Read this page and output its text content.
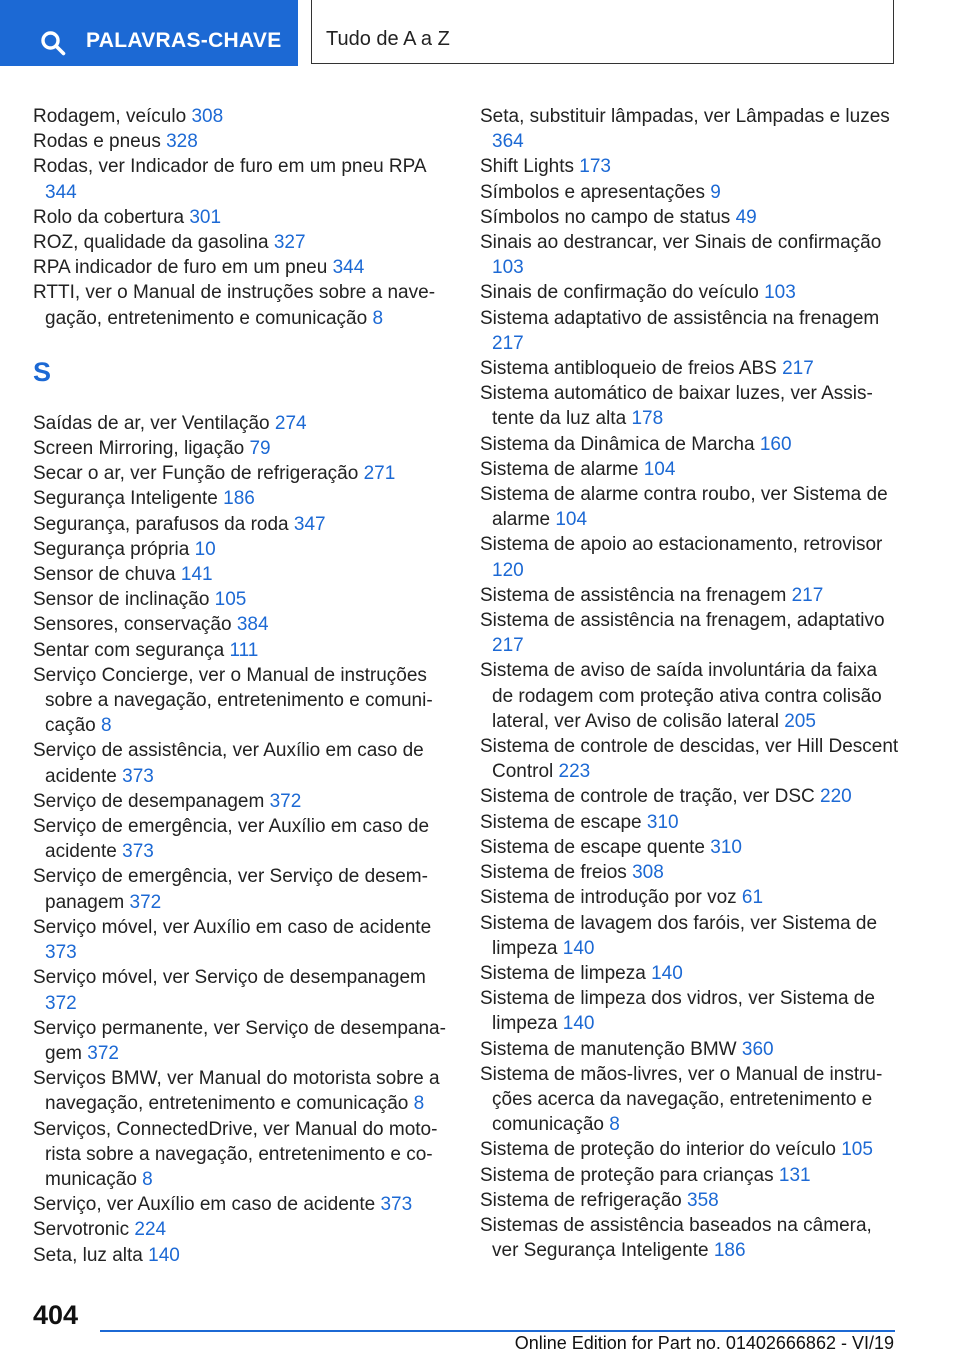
PALAVRAS-CHAVE Tudo de A a Z

Rodagem, veículo 308

Rodas e pneus 328

Rodas, ver Indicador de furo em um pneu RPA 344

Rolo da cobertura 301

ROZ, qualidade da gasolina 327

RPA indicador de furo em um pneu 344

RTTI, ver o Manual de instruções sobre a navegação, entretenimento e comunicação 8

S

Saídas de ar, ver Ventilação 274

Screen Mirroring, ligação 79

Secar o ar, ver Função de refrigeração 271

Segurança Inteligente 186

Segurança, parafusos da roda 347

Segurança própria 10

Sensor de chuva 141

Sensor de inclinação 105

Sensores, conservação 384

Sentar com segurança 111

Serviço Concierge, ver o Manual de instruções sobre a navegação, entretenimento e comunicação 8

Serviço de assistência, ver Auxílio em caso de acidente 373

Serviço de desempanagem 372

Serviço de emergência, ver Auxílio em caso de acidente 373

Serviço de emergência, ver Serviço de desempanagem 372

Serviço móvel, ver Auxílio em caso de acidente 373

Serviço móvel, ver Serviço de desempanagem 372

Serviço permanente, ver Serviço de desempanagem 372

Serviços BMW, ver Manual do motorista sobre a navegação, entretenimento e comunicação 8

Serviços, ConnectedDrive, ver Manual do motorista sobre a navegação, entretenimento e comunicação 8

Serviço, ver Auxílio em caso de acidente 373

Servotronic 224

Seta, luz alta 140

Seta, substituir lâmpadas, ver Lâmpadas e luzes 364

Shift Lights 173

Símbolos e apresentações 9

Símbolos no campo de status 49

Sinais ao destrancar, ver Sinais de confirmação 103

Sinais de confirmação do veículo 103

Sistema adaptativo de assistência na frenagem 217

Sistema antibloqueio de freios ABS 217

Sistema automático de baixar luzes, ver Assistente da luz alta 178

Sistema da Dinâmica de Marcha 160

Sistema de alarme 104

Sistema de alarme contra roubo, ver Sistema de alarme 104

Sistema de apoio ao estacionamento, retrovisor 120

Sistema de assistência na frenagem 217

Sistema de assistência na frenagem, adaptativo 217

Sistema de aviso de saída involuntária da faixa de rodagem com proteção ativa contra colisão lateral, ver Aviso de colisão lateral 205

Sistema de controle de descidas, ver Hill Descent Control 223

Sistema de controle de tração, ver DSC 220

Sistema de escape 310

Sistema de escape quente 310

Sistema de freios 308

Sistema de introdução por voz 61

Sistema de lavagem dos faróis, ver Sistema de limpeza 140

Sistema de limpeza 140

Sistema de limpeza dos vidros, ver Sistema de limpeza 140

Sistema de manutenção BMW 360

Sistema de mãos-livres, ver o Manual de instruções acerca da navegação, entretenimento e comunicação 8

Sistema de proteção do interior do veículo 105

Sistema de proteção para crianças 131

Sistema de refrigeração 358

Sistemas de assistência baseados na câmera, ver Segurança Inteligente 186

404
Online Edition for Part no. 01402666862 - VI/19
